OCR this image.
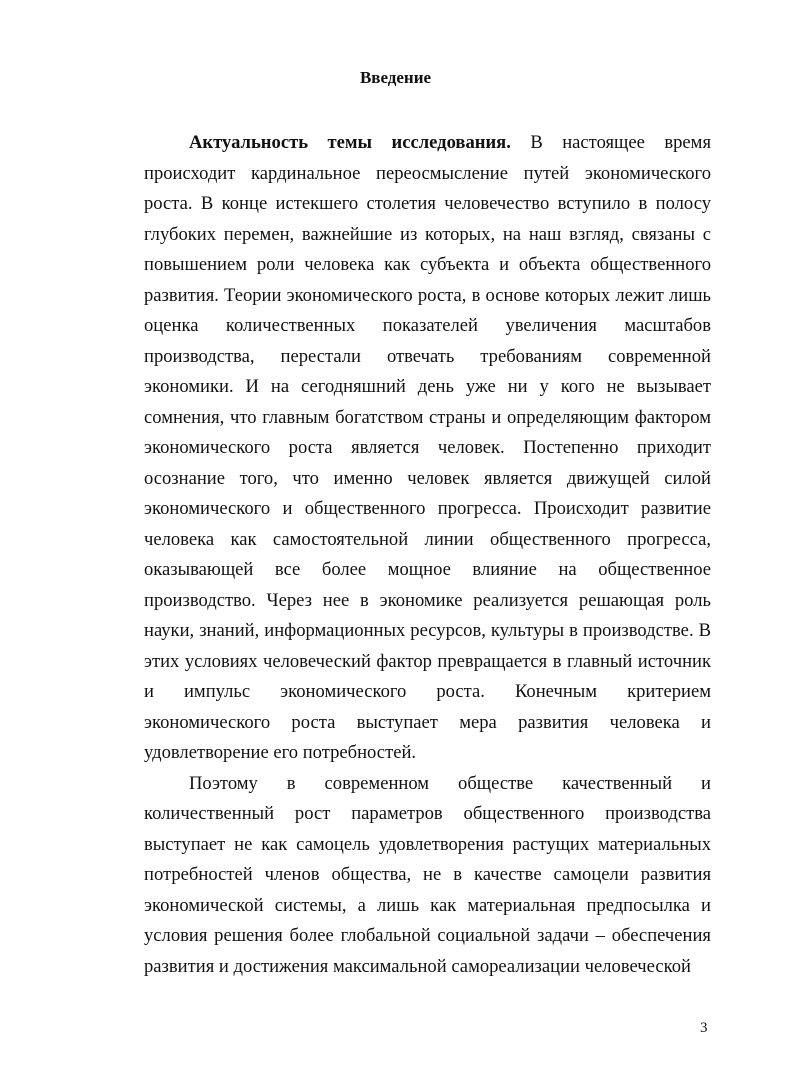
Введение

Актуальность темы исследования. В настоящее время происходит кардинальное переосмысление путей экономического роста. В конце истекшего столетия человечество вступило в полосу глубоких перемен, важнейшие из которых, на наш взгляд, связаны с повышением роли человека как субъекта и объекта общественного развития. Теории экономического роста, в основе которых лежит лишь оценка количественных показателей увеличения масштабов производства, перестали отвечать требованиям современной экономики. И на сегодняшний день уже ни у кого не вызывает сомнения, что главным богатством страны и определяющим фактором экономического роста является человек. Постепенно приходит осознание того, что именно человек является движущей силой экономического и общественного прогресса. Происходит развитие человека как самостоятельной линии общественного прогресса, оказывающей все более мощное влияние на общественное производство. Через нее в экономике реализуется решающая роль науки, знаний, информационных ресурсов, культуры в производстве. В этих условиях человеческий фактор превращается в главный источник и импульс экономического роста. Конечным критерием экономического роста выступает мера развития человека и удовлетворение его потребностей.

Поэтому в современном обществе качественный и количественный рост параметров общественного производства выступает не как самоцель удовлетворения растущих материальных потребностей членов общества, не в качестве самоцели развития экономической системы, а лишь как материальная предпосылка и условия решения более глобальной социальной задачи – обеспечения развития и достижения максимальной самореализации человеческой

3
